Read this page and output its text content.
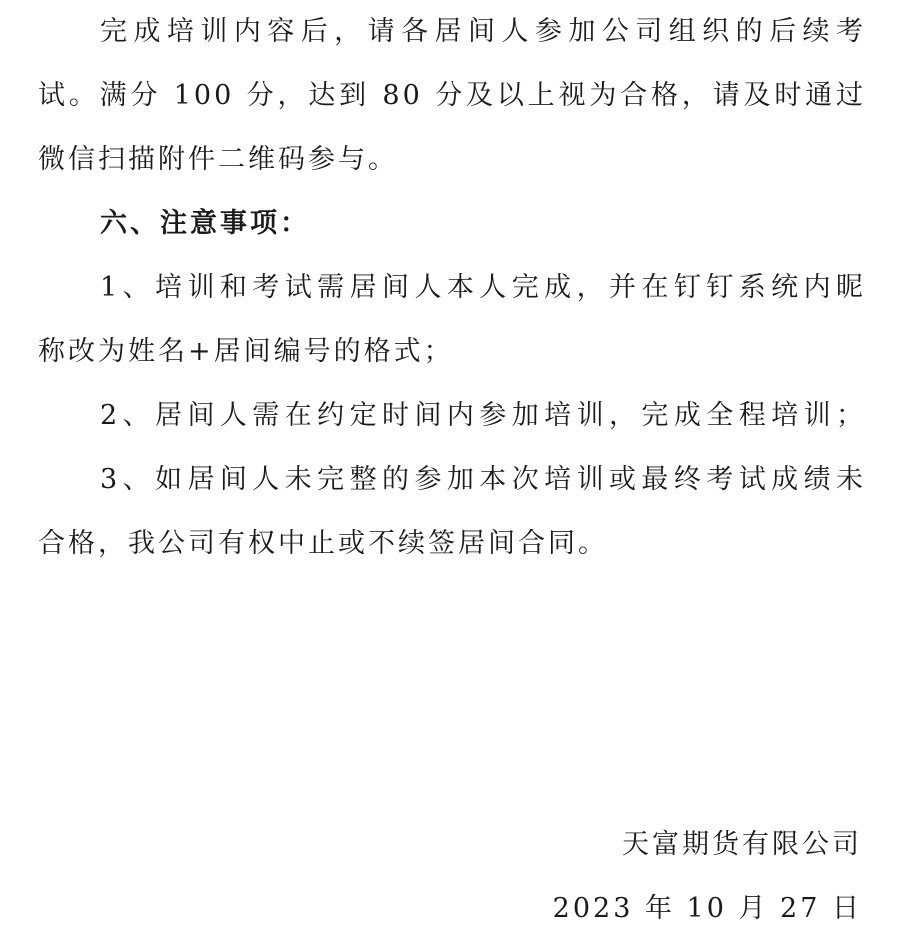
完成培训内容后，请各居间人参加公司组织的后续考
试。满分 100 分，达到 80 分及以上视为合格，请及时通过
微信扫描附件二维码参与。
六、注意事项：
1、培训和考试需居间人本人完成，并在钉钉系统内昵
称改为姓名+居间编号的格式；
2、居间人需在约定时间内参加培训，完成全程培训；
3、如居间人未完整的参加本次培训或最终考试成绩未
合格，我公司有权中止或不续签居间合同。
天富期货有限公司
2023 年 10 月 27 日
